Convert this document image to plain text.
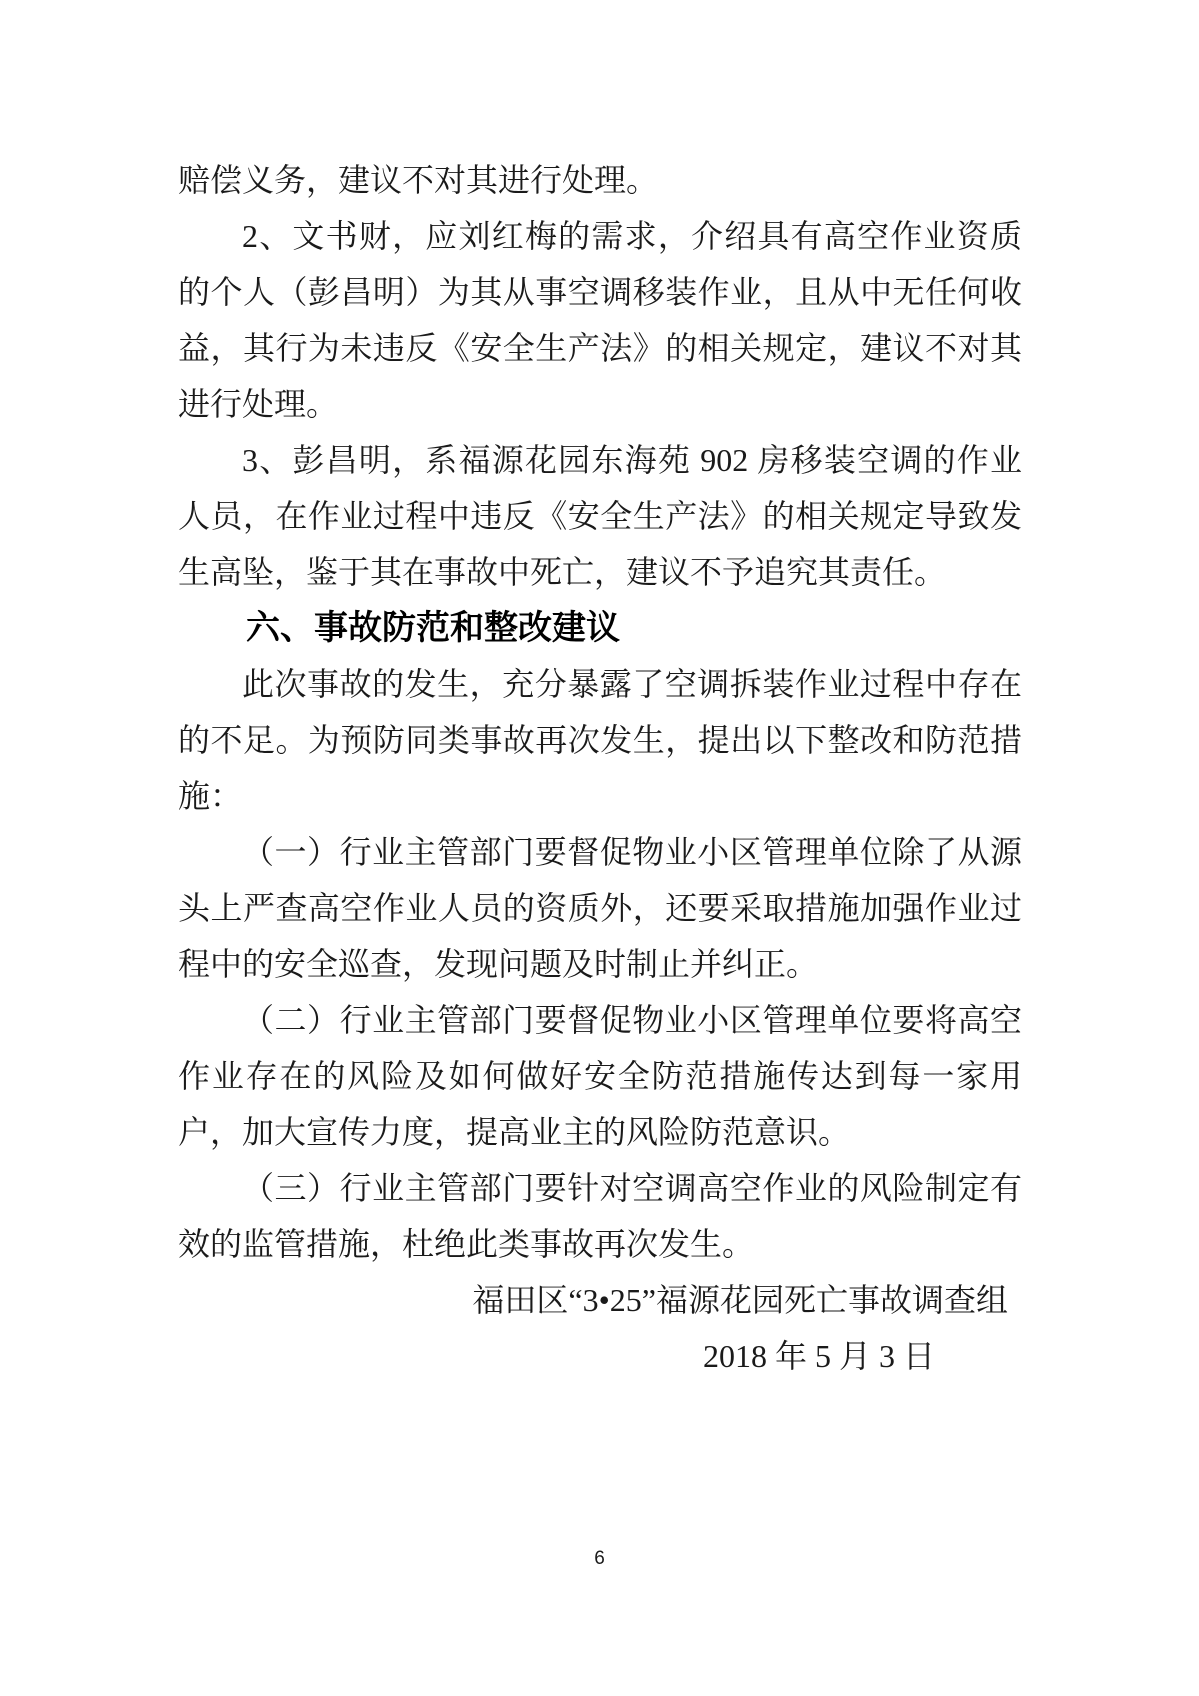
赔偿义务，建议不对其进行处理。

2、文书财，应刘红梅的需求，介绍具有高空作业资质的个人（彭昌明）为其从事空调移装作业，且从中无任何收益，其行为未违反《安全生产法》的相关规定，建议不对其进行处理。

3、彭昌明，系福源花园东海苑 902 房移装空调的作业人员，在作业过程中违反《安全生产法》的相关规定导致发生高坠，鉴于其在事故中死亡，建议不予追究其责任。

六、事故防范和整改建议

此次事故的发生，充分暴露了空调拆装作业过程中存在的不足。为预防同类事故再次发生，提出以下整改和防范措施：

（一）行业主管部门要督促物业小区管理单位除了从源头上严查高空作业人员的资质外，还要采取措施加强作业过程中的安全巡查，发现问题及时制止并纠正。

（二）行业主管部门要督促物业小区管理单位要将高空作业存在的风险及如何做好安全防范措施传达到每一家用户，加大宣传力度，提高业主的风险防范意识。

（三）行业主管部门要针对空调高空作业的风险制定有效的监管措施，杜绝此类事故再次发生。

福田区“3•25”福源花园死亡事故调查组

2018 年 5 月 3 日

6
